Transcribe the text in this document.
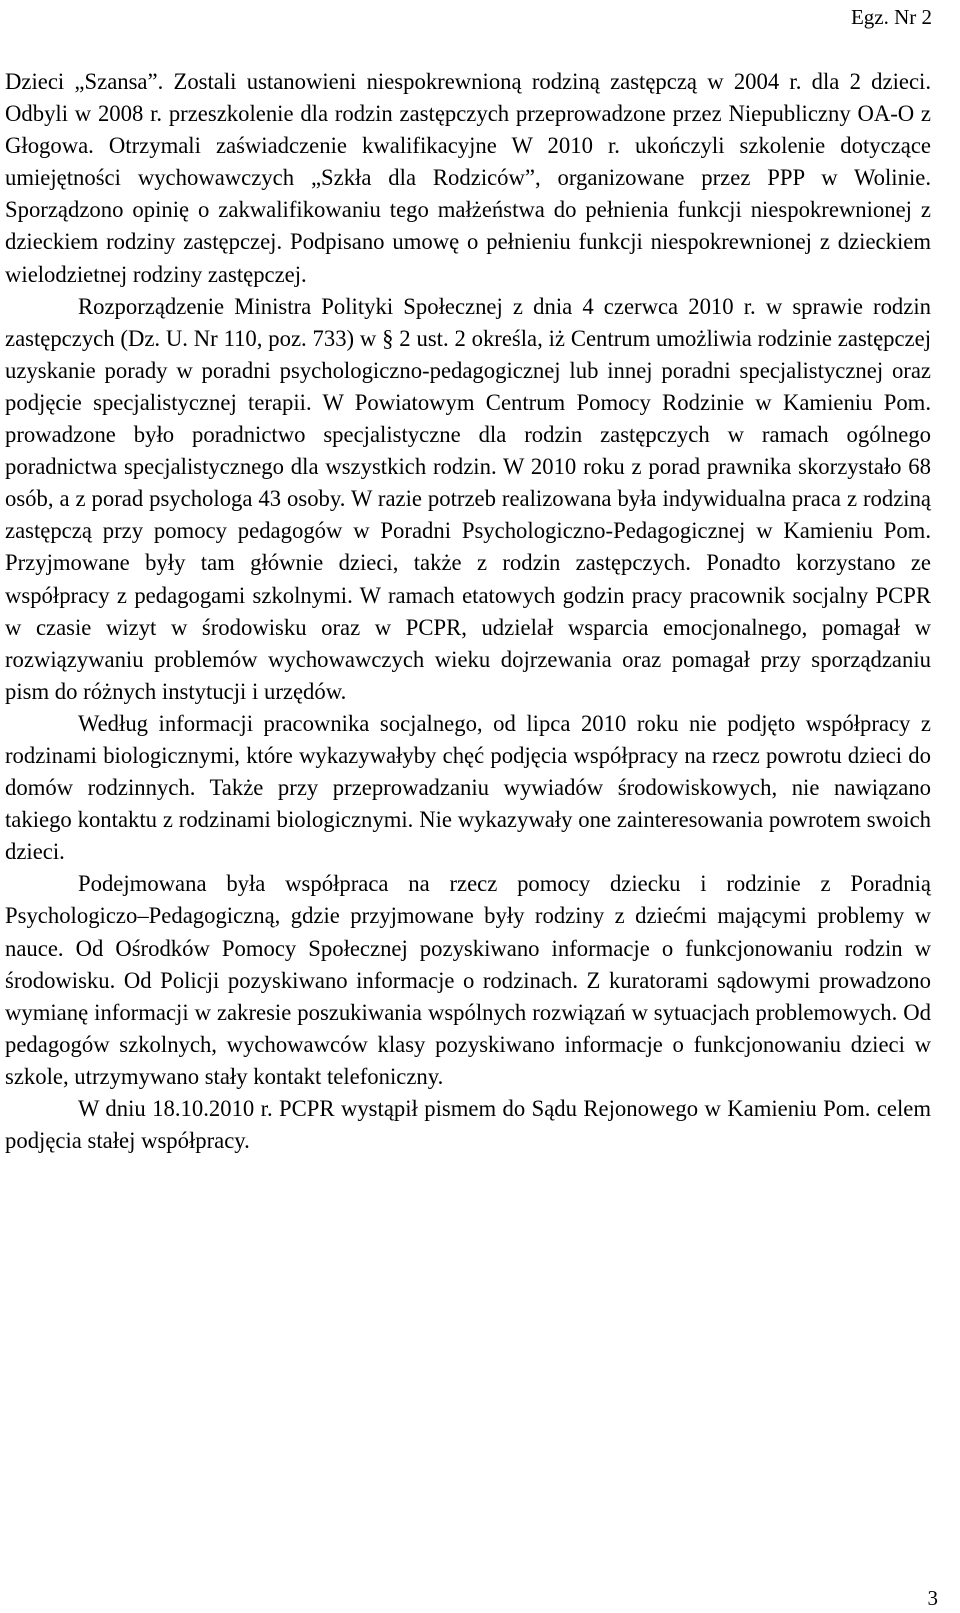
Egz. Nr 2

Dzieci „Szansa”. Zostali ustanowieni niespokrewnioną rodziną zastępczą w 2004 r. dla 2 dzieci. Odbyli w 2008 r. przeszkolenie dla rodzin zastępczych przeprowadzone przez Niepubliczny OA-O z Głogowa. Otrzymali zaświadczenie kwalifikacyjne W 2010 r. ukończyli szkolenie dotyczące umiejętności wychowawczych „Szkła dla Rodziców”, organizowane przez PPP w Wolinie. Sporządzono opinię o zakwalifikowaniu tego małżeństwa do pełnienia funkcji niespokrewnionej z dzieckiem rodziny zastępczej. Podpisano umowę o pełnieniu funkcji niespokrewnionej z dzieckiem wielodzietnej rodziny zastępczej.

Rozporządzenie Ministra Polityki Społecznej z dnia 4 czerwca 2010 r. w sprawie rodzin zastępczych (Dz. U. Nr 110, poz. 733) w § 2 ust. 2 określa, iż Centrum umożliwia rodzinie zastępczej uzyskanie porady w poradni psychologiczno-pedagogicznej lub innej poradni specjalistycznej oraz podjęcie specjalistycznej terapii. W Powiatowym Centrum Pomocy Rodzinie w Kamieniu Pom. prowadzone było poradnictwo specjalistyczne dla rodzin zastępczych w ramach ogólnego poradnictwa specjalistycznego dla wszystkich rodzin. W 2010 roku z porad prawnika skorzystało 68 osób, a z porad psychologa 43 osoby. W razie potrzeb realizowana była indywidualna praca z rodziną zastępczą przy pomocy pedagogów w Poradni Psychologiczno-Pedagogicznej w Kamieniu Pom. Przyjmowane były tam głównie dzieci, także z rodzin zastępczych. Ponadto korzystano ze współpracy z pedagogami szkolnymi. W ramach etatowych godzin pracy pracownik socjalny PCPR w czasie wizyt w środowisku oraz w PCPR, udzielał wsparcia emocjonalnego, pomagał w rozwiązywaniu problemów wychowawczych wieku dojrzewania oraz pomagał przy sporządzaniu pism do różnych instytucji i urzędów.

Według informacji pracownika socjalnego, od lipca 2010 roku nie podjęto współpracy z rodzinami biologicznymi, które wykazywałyby chęć podjęcia współpracy na rzecz powrotu dzieci do domów rodzinnych. Także przy przeprowadzaniu wywiadów środowiskowych, nie nawiązano takiego kontaktu z rodzinami biologicznymi. Nie wykazywały one zainteresowania powrotem swoich dzieci.

Podejmowana była współpraca na rzecz pomocy dziecku i rodzinie z Poradnią Psychologiczo–Pedagogiczną, gdzie przyjmowane były rodziny z dziećmi mającymi problemy w nauce. Od Ośrodków Pomocy Społecznej pozyskiwano informacje o funkcjonowaniu rodzin w środowisku. Od Policji pozyskiwano informacje o rodzinach. Z kuratorami sądowymi prowadzono wymianę informacji w zakresie poszukiwania wspólnych rozwiązań w sytuacjach problemowych. Od pedagogów szkolnych, wychowawców klasy pozyskiwano informacje o funkcjonowaniu dzieci w szkole, utrzymywano stały kontakt telefoniczny.

W dniu 18.10.2010 r. PCPR wystąpił pismem do Sądu Rejonowego w Kamieniu Pom. celem podjęcia stałej współpracy.

3
